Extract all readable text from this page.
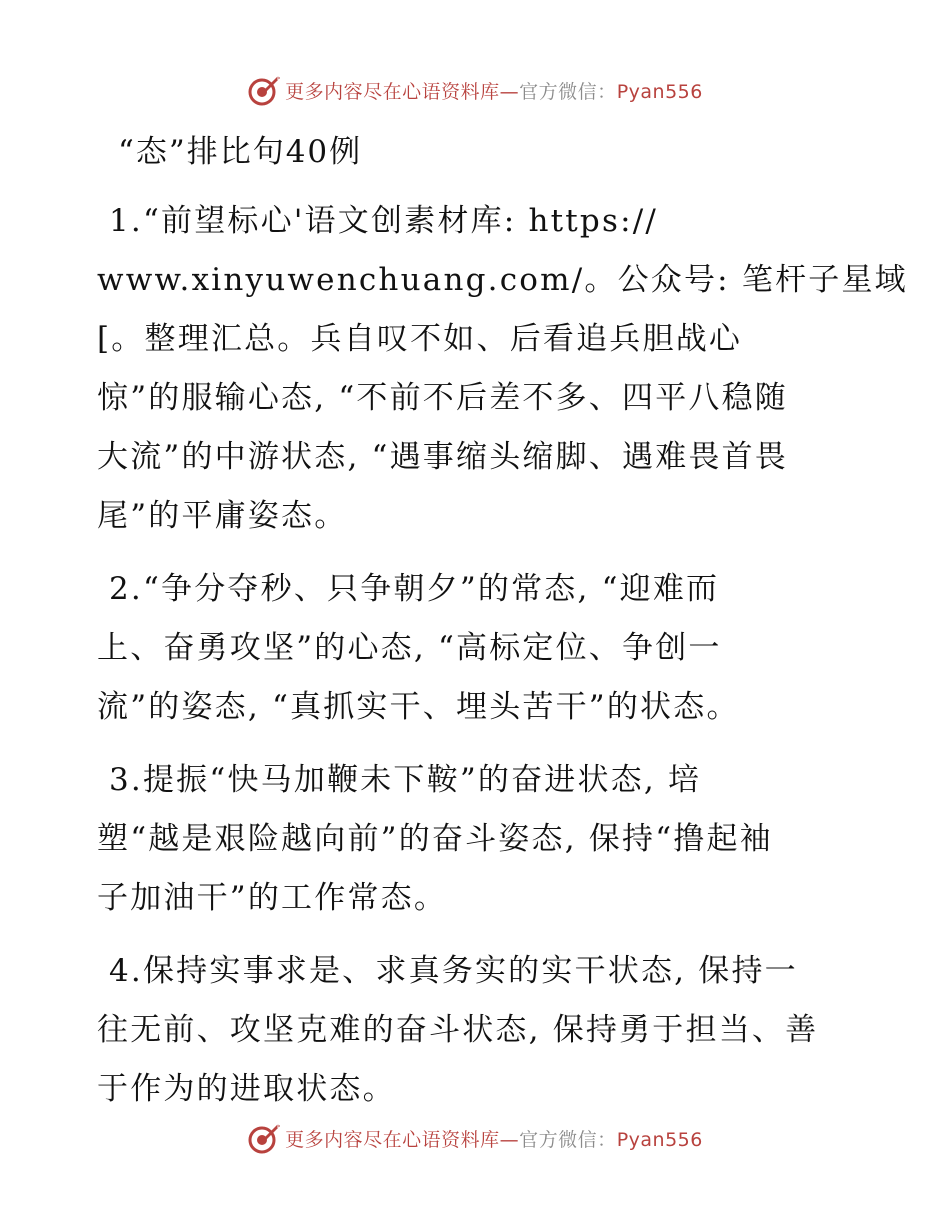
更多内容尽在心语资料库—官方微信：Pyan556
“态”排比句40例

1.“前望标心'语文创素材库: https://
www.xinyuwenchuang.com/。公众号: 笔杆子星域
[。整理汇总。兵自叹不如、后看追兵胆战心
惊”的服输心态, “不前不后差不多、四平八稳随
大流”的中游状态, “遇事缩头缩脚、遇难畏首畏
尾”的平庸姿态。

2.“争分夺秒、只争朝夕”的常态, “迎难而
上、奋勇攻坚”的心态, “高标定位、争创一
流”的姿态, “真抓实干、埋头苦干”的状态。

3.提振“快马加鞭未下鞍”的奋进状态, 培
塑“越是艰险越向前”的奋斗姿态, 保持“撸起袖
子加油干”的工作常态。

4.保持实事求是、求真务实的实干状态, 保持一
往无前、攻坚克难的奋斗状态, 保持勇于担当、善
于作为的进取状态。

更多内容尽在心语资料库—官方微信：Pyan556
